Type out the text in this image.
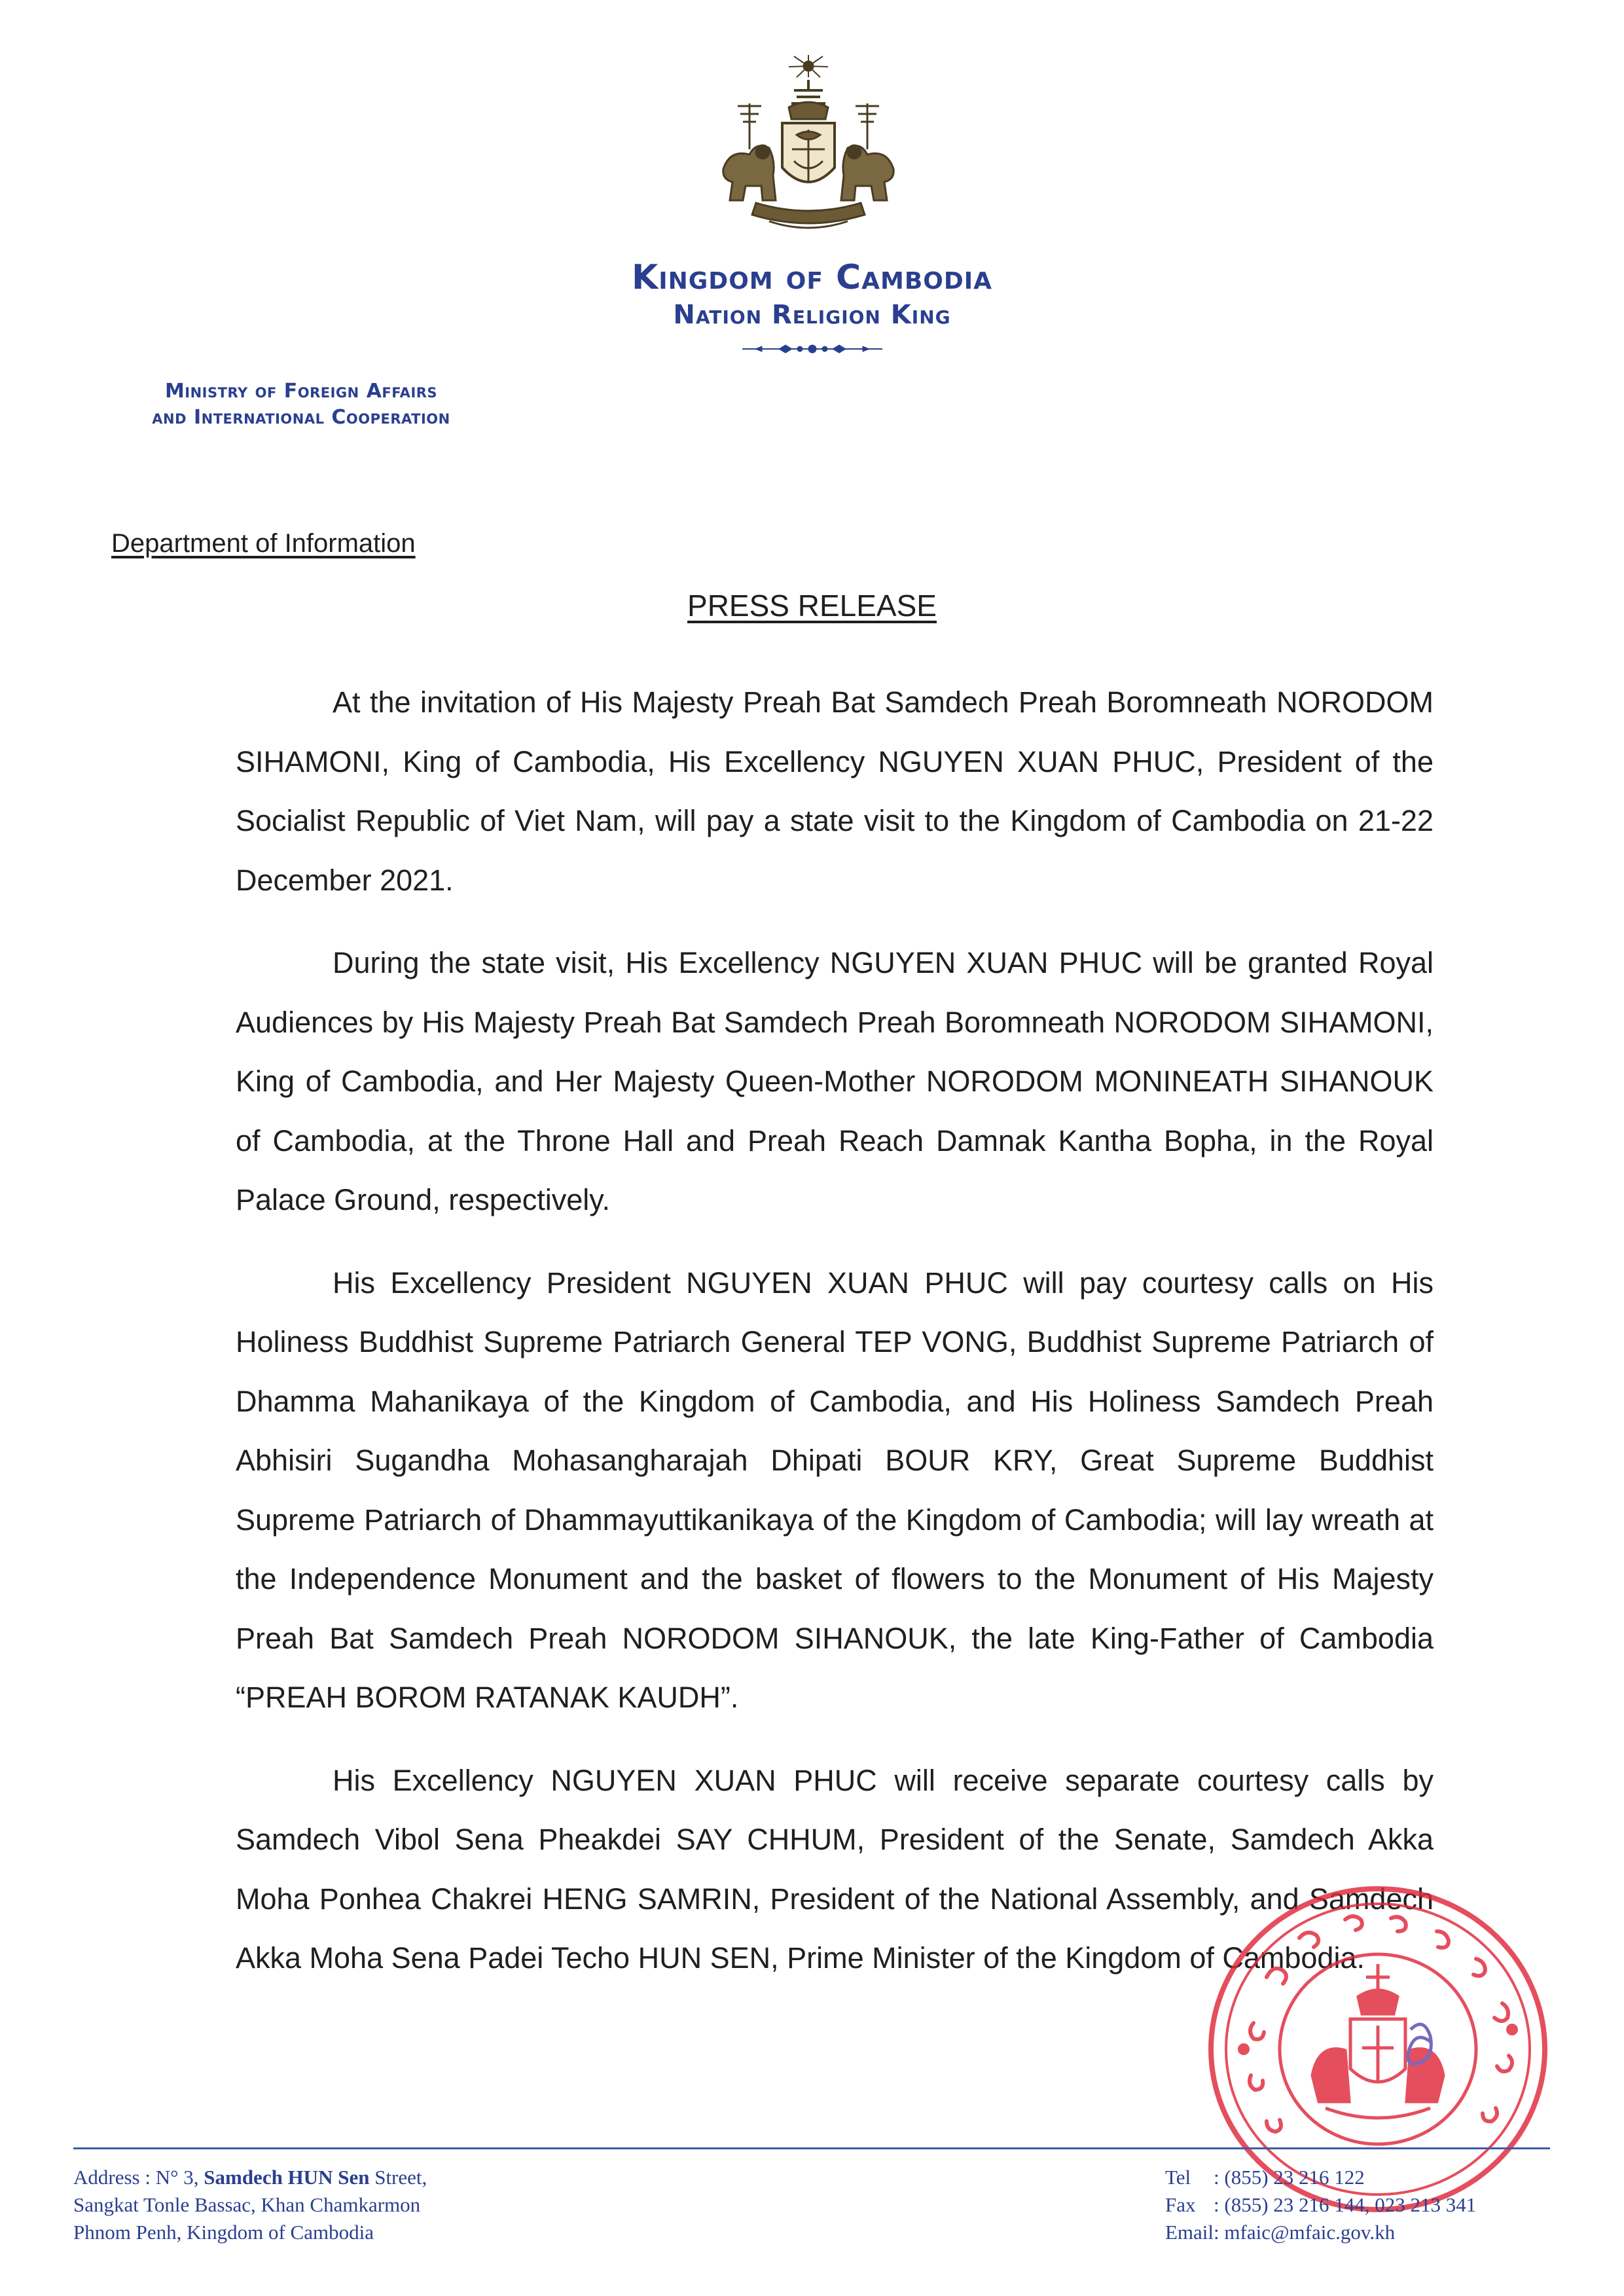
Kingdom of Cambodia
Nation Religion King
Ministry of Foreign Affairs
and International Cooperation
Department of Information
PRESS RELEASE

At the invitation of His Majesty Preah Bat Samdech Preah Boromneath NORODOM SIHAMONI, King of Cambodia, His Excellency NGUYEN XUAN PHUC, President of the Socialist Republic of Viet Nam, will pay a state visit to the Kingdom of Cambodia on 21-22 December 2021.

During the state visit, His Excellency NGUYEN XUAN PHUC will be granted Royal Audiences by His Majesty Preah Bat Samdech Preah Boromneath NORODOM SIHAMONI, King of Cambodia, and Her Majesty Queen-Mother NORODOM MONINEATH SIHANOUK of Cambodia, at the Throne Hall and Preah Reach Damnak Kantha Bopha, in the Royal Palace Ground, respectively.

His Excellency President NGUYEN XUAN PHUC will pay courtesy calls on His Holiness Buddhist Supreme Patriarch General TEP VONG, Buddhist Supreme Patriarch of Dhamma Mahanikaya of the Kingdom of Cambodia, and His Holiness Samdech Preah Abhisiri Sugandha Mohasangharajah Dhipati BOUR KRY, Great Supreme Buddhist Supreme Patriarch of Dhammayuttikanikaya of the Kingdom of Cambodia; will lay wreath at the Independence Monument and the basket of flowers to the Monument of His Majesty Preah Bat Samdech Preah NORODOM SIHANOUK, the late King-Father of Cambodia “PREAH BOROM RATANAK KAUDH”.

His Excellency NGUYEN XUAN PHUC will receive separate courtesy calls by Samdech Vibol Sena Pheakdei SAY CHHUM, President of the Senate, Samdech Akka Moha Ponhea Chakrei HENG SAMRIN, President of the National Assembly, and Samdech Akka Moha Sena Padei Techo HUN SEN, Prime Minister of the Kingdom of Cambodia.

Address : N° 3, Samdech HUN Sen Street,
Sangkat Tonle Bassac, Khan Chamkarmon
Phnom Penh, Kingdom of Cambodia
Tel	: (855) 23 216 122
Fax	: (855) 23 216 144, 023 213 341
Email	: mfaic@mfaic.gov.kh
